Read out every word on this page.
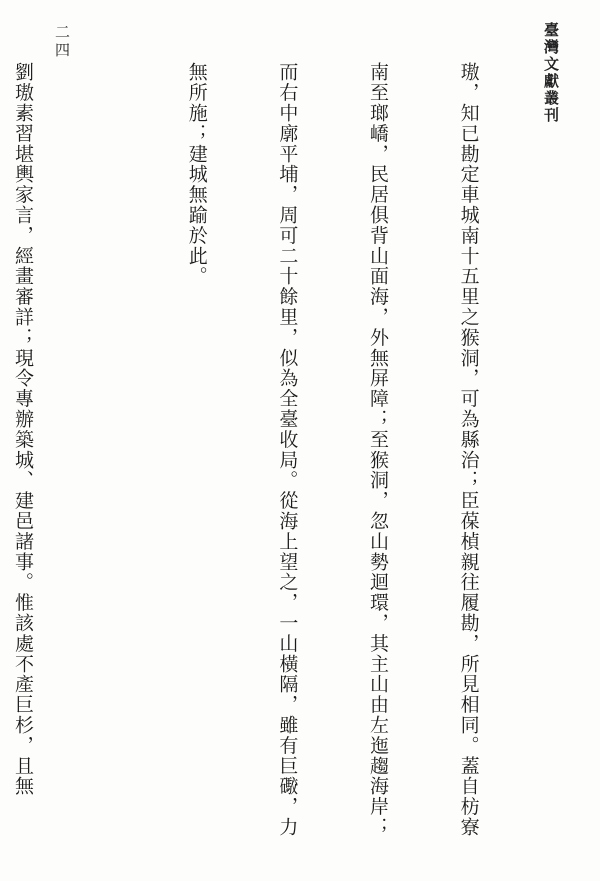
臺灣文獻叢刊
二四

璈，知已勘定車城南十五里之猴洞，可為縣治；臣葆楨親往履勘，所見相同。蓋自枋寮

南至瑯嶠，民居俱背山面海，外無屏障；至猴洞，忽山勢迴環，其主山由左迤趨海岸；

而右中廓平埔，周可二十餘里，似為全臺收局。從海上望之，一山橫隔，雖有巨礮，力

無所施；建城無踰於此。

劉璈素習堪輿家言，經畫審詳；現令專辦築城、建邑諸事。惟該處不產巨杉，且無
